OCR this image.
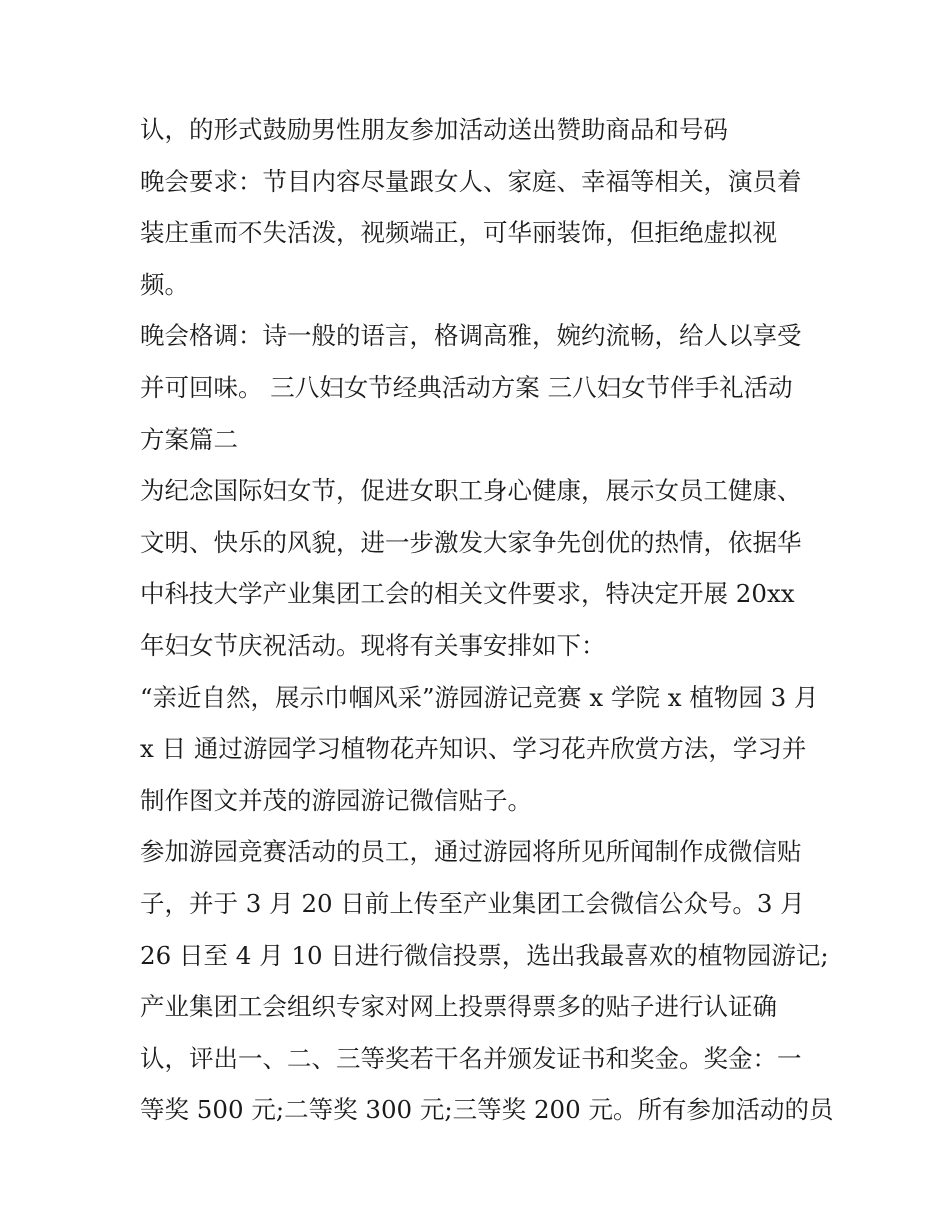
认，的形式鼓励男性朋友参加活动送出赞助商品和号码
晚会要求：节目内容尽量跟女人、家庭、幸福等相关，演员着
装庄重而不失活泼，视频端正，可华丽装饰，但拒绝虚拟视
频。
晚会格调：诗一般的语言，格调高雅，婉约流畅，给人以享受
并可回味。 三八妇女节经典活动方案 三八妇女节伴手礼活动
方案篇二
为纪念国际妇女节，促进女职工身心健康，展示女员工健康、
文明、快乐的风貌，进一步激发大家争先创优的热情，依据华
中科技大学产业集团工会的相关文件要求，特决定开展 20xx
年妇女节庆祝活动。现将有关事安排如下：
“亲近自然，展示巾帼风采”游园游记竞赛 x 学院 x 植物园 3 月
x 日 通过游园学习植物花卉知识、学习花卉欣赏方法，学习并
制作图文并茂的游园游记微信贴子。
参加游园竞赛活动的员工，通过游园将所见所闻制作成微信贴
子，并于 3 月 20 日前上传至产业集团工会微信公众号。3 月
26 日至 4 月 10 日进行微信投票，选出我最喜欢的植物园游记;
产业集团工会组织专家对网上投票得票多的贴子进行认证确
认，评出一、二、三等奖若干名并颁发证书和奖金。奖金：一
等奖 500 元;二等奖 300 元;三等奖 200 元。所有参加活动的员
